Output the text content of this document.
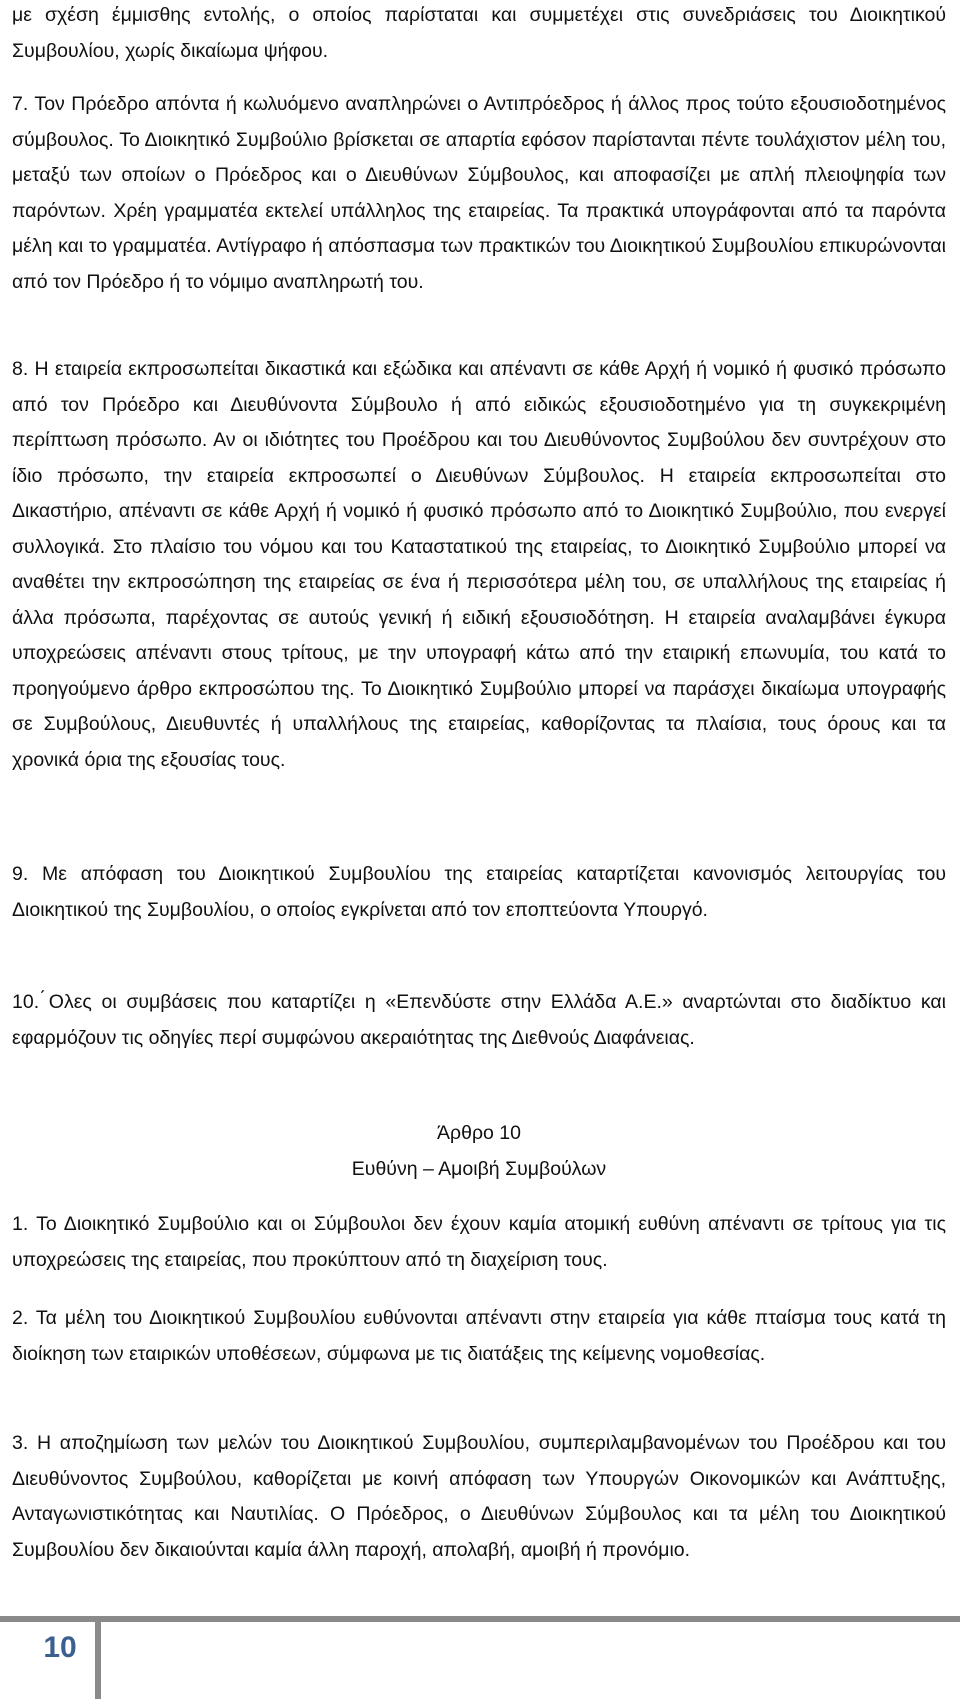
με σχέση έμμισθης εντολής, ο οποίος παρίσταται και συμμετέχει στις συνεδριάσεις του Διοικητικού Συμβουλίου, χωρίς δικαίωμα ψήφου.

7. Τον Πρόεδρο απόντα ή κωλυόμενο αναπληρώνει ο Αντιπρόεδρος ή άλλος προς τούτο εξουσιοδοτημένος σύμβουλος. Το Διοικητικό Συμβούλιο βρίσκεται σε απαρτία εφόσον παρίστανται πέντε τουλάχιστον μέλη του, μεταξύ των οποίων ο Πρόεδρος και ο Διευθύνων Σύμβουλος, και αποφασίζει με απλή πλειοψηφία των παρόντων. Χρέη γραμματέα εκτελεί υπάλληλος της εταιρείας. Τα πρακτικά υπογράφονται από τα παρόντα μέλη και το γραμματέα. Αντίγραφο ή απόσπασμα των πρακτικών του Διοικητικού Συμβουλίου επικυρώνονται από τον Πρόεδρο ή το νόμιμο αναπληρωτή του.

8. Η εταιρεία εκπροσωπείται δικαστικά και εξώδικα και απέναντι σε κάθε Αρχή ή νομικό ή φυσικό πρόσωπο από τον Πρόεδρο και Διευθύνοντα Σύμβουλο ή από ειδικώς εξουσιοδοτημένο για τη συγκεκριμένη περίπτωση πρόσωπο. Αν οι ιδιότητες του Προέδρου και του Διευθύνοντος Συμβούλου δεν συντρέχουν στο ίδιο πρόσωπο, την εταιρεία εκπροσωπεί ο Διευθύνων Σύμβουλος. Η εταιρεία εκπροσωπείται στο Δικαστήριο, απέναντι σε κάθε Αρχή ή νομικό ή φυσικό πρόσωπο από το Διοικητικό Συμβούλιο, που ενεργεί συλλογικά. Στο πλαίσιο του νόμου και του Καταστατικού της εταιρείας, το Διοικητικό Συμβούλιο μπορεί να αναθέτει την εκπροσώπηση της εταιρείας σε ένα ή περισσότερα μέλη του, σε υπαλλήλους της εταιρείας ή άλλα πρόσωπα, παρέχοντας σε αυτούς γενική ή ειδική εξουσιοδότηση. Η εταιρεία αναλαμβάνει έγκυρα υποχρεώσεις απέναντι στους τρίτους, με την υπογραφή κάτω από την εταιρική επωνυμία, του κατά το προηγούμενο άρθρο εκπροσώπου της. Το Διοικητικό Συμβούλιο μπορεί να παράσχει δικαίωμα υπογραφής σε Συμβούλους, Διευθυντές ή υπαλλήλους της εταιρείας, καθορίζοντας τα πλαίσια, τους όρους και τα χρονικά όρια της εξουσίας τους.

9. Με απόφαση του Διοικητικού Συμβουλίου της εταιρείας καταρτίζεται κανονισμός λειτουργίας του Διοικητικού της Συμβουλίου, ο οποίος εγκρίνεται από τον εποπτεύοντα Υπουργό.

10. ́Ολες οι συμβάσεις που καταρτίζει η «Επενδύστε στην Ελλάδα Α.Ε.» αναρτώνται στο διαδίκτυο και εφαρμόζουν τις οδηγίες περί συμφώνου ακεραιότητας της Διεθνούς Διαφάνειας.

Άρθρο 10
Ευθύνη – Αμοιβή Συμβούλων

1. Το Διοικητικό Συμβούλιο και οι Σύμβουλοι δεν έχουν καμία ατομική ευθύνη απέναντι σε τρίτους για τις υποχρεώσεις της εταιρείας, που προκύπτουν από τη διαχείριση τους.

2. Τα μέλη του Διοικητικού Συμβουλίου ευθύνονται απέναντι στην εταιρεία για κάθε πταίσμα τους κατά τη διοίκηση των εταιρικών υποθέσεων, σύμφωνα με τις διατάξεις της κείμενης νομοθεσίας.

3. Η αποζημίωση των μελών του Διοικητικού Συμβουλίου, συμπεριλαμβανομένων του Προέδρου και του Διευθύνοντος Συμβούλου, καθορίζεται με κοινή απόφαση των Υπουργών Οικονομικών και Ανάπτυξης, Ανταγωνιστικότητας και Ναυτιλίας. Ο Πρόεδρος, ο Διευθύνων Σύμβουλος και τα μέλη του Διοικητικού Συμβουλίου δεν δικαιούνται καμία άλλη παροχή, απολαβή, αμοιβή ή προνόμιο.

10
